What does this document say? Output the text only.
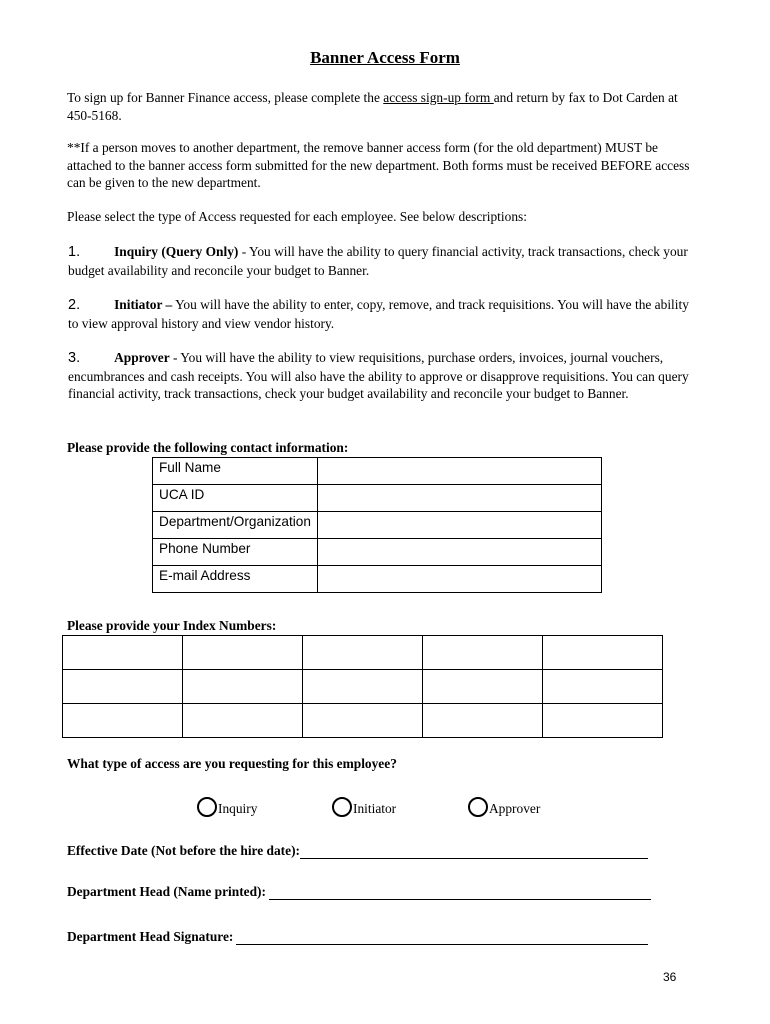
Banner Access Form
To sign up for Banner Finance access, please complete the access sign-up form and return by fax to Dot Carden at 450-5168.
**If a person moves to another department, the remove banner access form (for the old department) MUST be attached to the banner access form submitted for the new department. Both forms must be received BEFORE access can be given to the new department.
Please select the type of Access requested for each employee. See below descriptions:
1.	Inquiry (Query Only) - You will have the ability to query financial activity, track transactions, check your budget availability and reconcile your budget to Banner.
2.	Initiator – You will have the ability to enter, copy, remove, and track requisitions. You will have the ability to view approval history and view vendor history.
3.	Approver - You will have the ability to view requisitions, purchase orders, invoices, journal vouchers, encumbrances and cash receipts. You will also have the ability to approve or disapprove requisitions. You can query financial activity, track transactions, check your budget availability and reconcile your budget to Banner.
Please provide the following contact information:
Full Name	
UCA ID	
Department/Organization	
Phone Number	
E-mail Address	
Please provide your Index Numbers:

What type of access are you requesting for this employee?
Inquiry	Initiator	Approver
Effective Date (Not before the hire date):
Department Head (Name printed):
Department Head Signature:
36
